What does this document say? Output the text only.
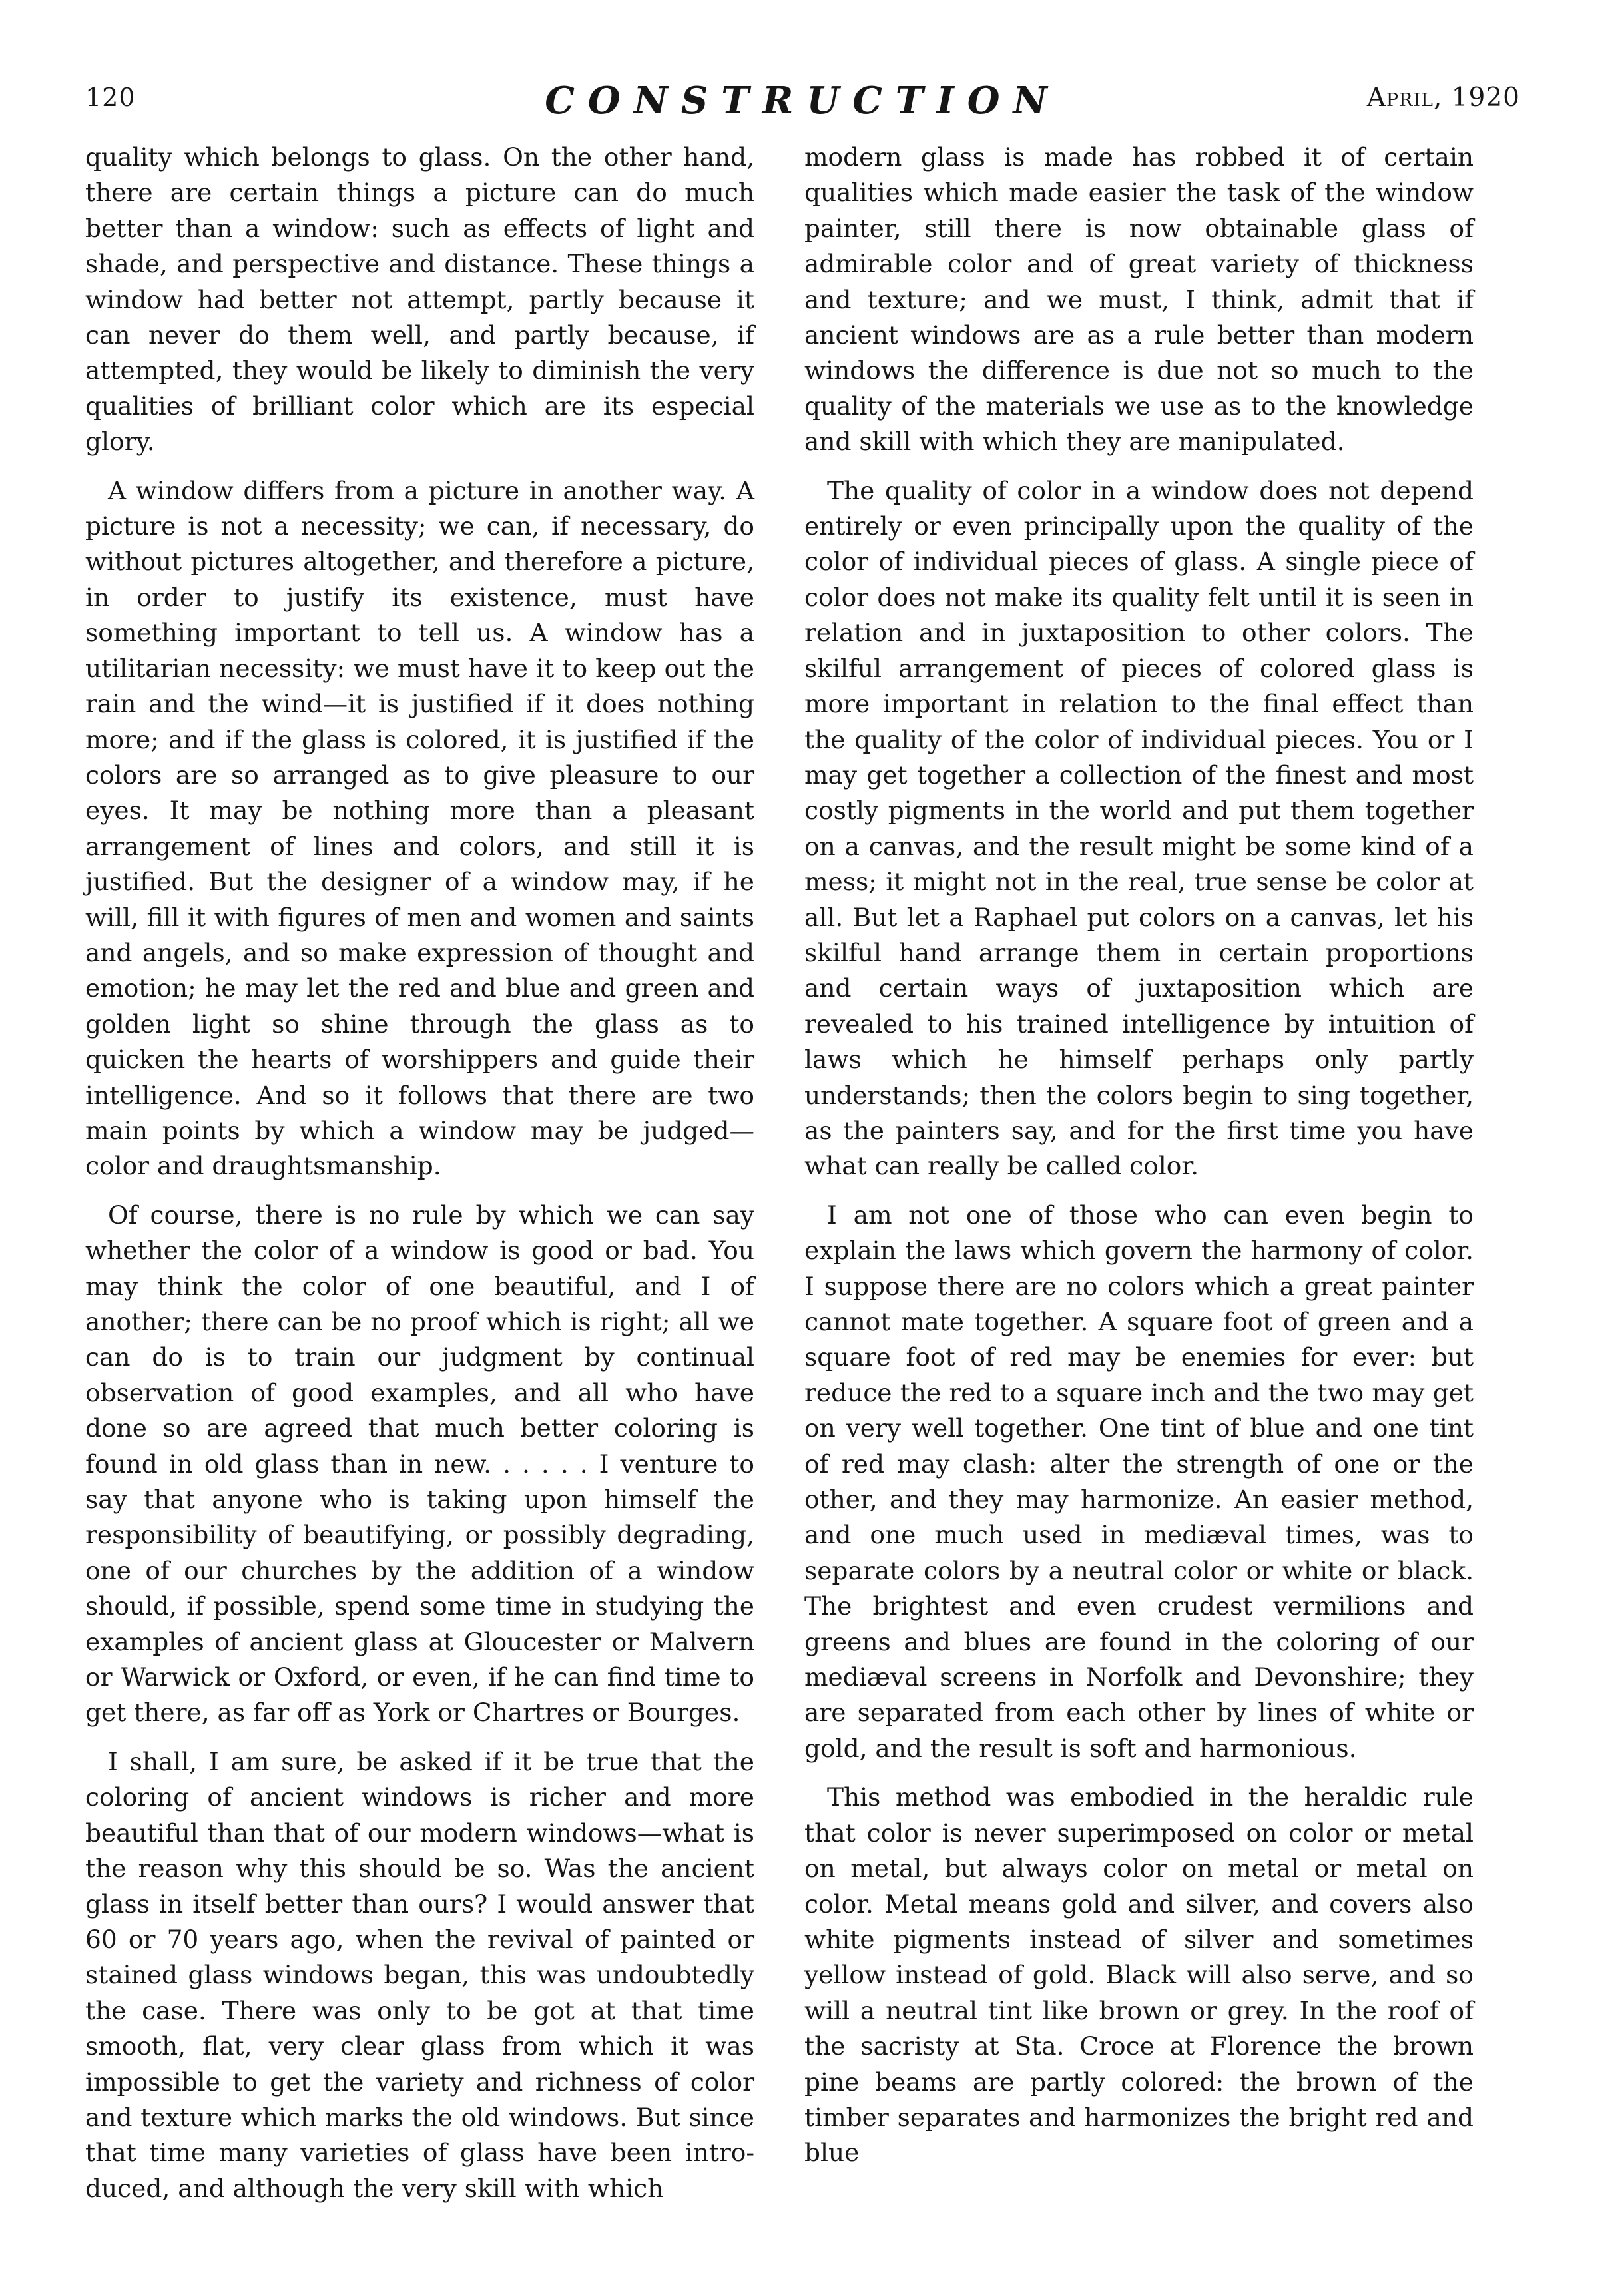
120	CONSTRUCTION	April, 1920

quality which belongs to glass. On the other hand, there are certain things a picture can do much better than a window: such as effects of light and shade, and perspective and distance. These things a window had better not attempt, partly because it can never do them well, and partly because, if attempted, they would be likely to diminish the very qualities of brilliant color which are its especial glory.

A window differs from a picture in another way. A picture is not a necessity; we can, if necessary, do without pictures altogether, and therefore a picture, in order to justify its existence, must have something important to tell us. A window has a utilitarian necessity: we must have it to keep out the rain and the wind—it is justified if it does nothing more; and if the glass is colored, it is justified if the colors are so arranged as to give pleasure to our eyes. It may be nothing more than a pleasant arrangement of lines and colors, and still it is justified. But the designer of a window may, if he will, fill it with figures of men and women and saints and angels, and so make expression of thought and emotion; he may let the red and blue and green and golden light so shine through the glass as to quicken the hearts of worshippers and guide their intelligence. And so it follows that there are two main points by which a window may be judged—color and draughtsmanship.

Of course, there is no rule by which we can say whether the color of a window is good or bad. You may think the color of one beautiful, and I of another; there can be no proof which is right; all we can do is to train our judgment by continual observation of good examples, and all who have done so are agreed that much better coloring is found in old glass than in new. . . . . . I venture to say that anyone who is taking upon himself the responsibility of beautifying, or possibly degrading, one of our churches by the addition of a window should, if possible, spend some time in studying the examples of ancient glass at Gloucester or Malvern or Warwick or Oxford, or even, if he can find time to get there, as far off as York or Chartres or Bourges.

I shall, I am sure, be asked if it be true that the coloring of ancient windows is richer and more beautiful than that of our modern windows—what is the reason why this should be so. Was the ancient glass in itself better than ours? I would answer that 60 or 70 years ago, when the revival of painted or stained glass windows began, this was undoubtedly the case. There was only to be got at that time smooth, flat, very clear glass from which it was impossible to get the variety and richness of color and texture which marks the old windows. But since that time many varieties of glass have been introduced, and although the very skill with which

modern glass is made has robbed it of certain qualities which made easier the task of the window painter, still there is now obtainable glass of admirable color and of great variety of thickness and texture; and we must, I think, admit that if ancient windows are as a rule better than modern windows the difference is due not so much to the quality of the materials we use as to the knowledge and skill with which they are manipulated.

The quality of color in a window does not depend entirely or even principally upon the quality of the color of individual pieces of glass. A single piece of color does not make its quality felt until it is seen in relation and in juxtaposition to other colors. The skilful arrangement of pieces of colored glass is more important in relation to the final effect than the quality of the color of individual pieces. You or I may get together a collection of the finest and most costly pigments in the world and put them together on a canvas, and the result might be some kind of a mess; it might not in the real, true sense be color at all. But let a Raphael put colors on a canvas, let his skilful hand arrange them in certain proportions and certain ways of juxtaposition which are revealed to his trained intelligence by intuition of laws which he himself perhaps only partly understands; then the colors begin to sing together, as the painters say, and for the first time you have what can really be called color.

I am not one of those who can even begin to explain the laws which govern the harmony of color. I suppose there are no colors which a great painter cannot mate together. A square foot of green and a square foot of red may be enemies for ever: but reduce the red to a square inch and the two may get on very well together. One tint of blue and one tint of red may clash: alter the strength of one or the other, and they may harmonize. An easier method, and one much used in mediæval times, was to separate colors by a neutral color or white or black. The brightest and even crudest vermilions and greens and blues are found in the coloring of our mediæval screens in Norfolk and Devonshire; they are separated from each other by lines of white or gold, and the result is soft and harmonious.

This method was embodied in the heraldic rule that color is never superimposed on color or metal on metal, but always color on metal or metal on color. Metal means gold and silver, and covers also white pigments instead of silver and sometimes yellow instead of gold. Black will also serve, and so will a neutral tint like brown or grey. In the roof of the sacristy at Sta. Croce at Florence the brown pine beams are partly colored: the brown of the timber separates and harmonizes the bright red and blue
